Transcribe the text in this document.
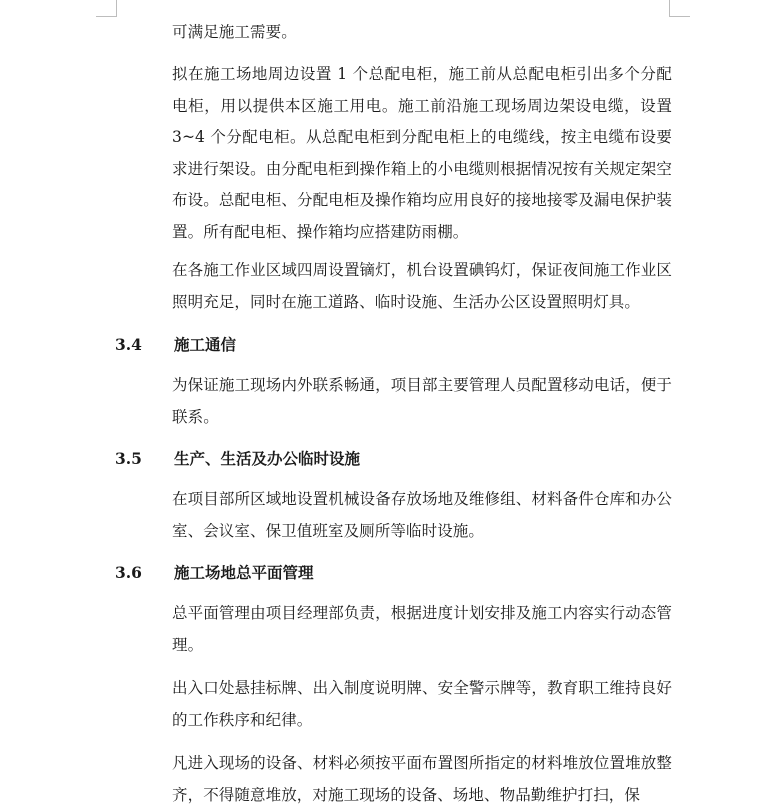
可满足施工需要。

拟在施工场地周边设置 1 个总配电柜，施工前从总配电柜引出多个分配电柜，用以提供本区施工用电。施工前沿施工现场周边架设电缆，设置 3~4 个分配电柜。从总配电柜到分配电柜上的电缆线，按主电缆布设要求进行架设。由分配电柜到操作箱上的小电缆则根据情况按有关规定架空布设。总配电柜、分配电柜及操作箱均应用良好的接地接零及漏电保护装置。所有配电柜、操作箱均应搭建防雨棚。

在各施工作业区域四周设置镝灯，机台设置碘钨灯，保证夜间施工作业区照明充足，同时在施工道路、临时设施、生活办公区设置照明灯具。

3.4 施工通信

为保证施工现场内外联系畅通，项目部主要管理人员配置移动电话，便于联系。

3.5 生产、生活及办公临时设施

在项目部所区域地设置机械设备存放场地及维修组、材料备件仓库和办公室、会议室、保卫值班室及厕所等临时设施。

3.6 施工场地总平面管理

总平面管理由项目经理部负责，根据进度计划安排及施工内容实行动态管理。

出入口处悬挂标牌、出入制度说明牌、安全警示牌等，教育职工维持良好的工作秩序和纪律。

凡进入现场的设备、材料必须按平面布置图所指定的材料堆放位置堆放整齐，不得随意堆放，对施工现场的设备、场地、物品勤维护打扫，保
